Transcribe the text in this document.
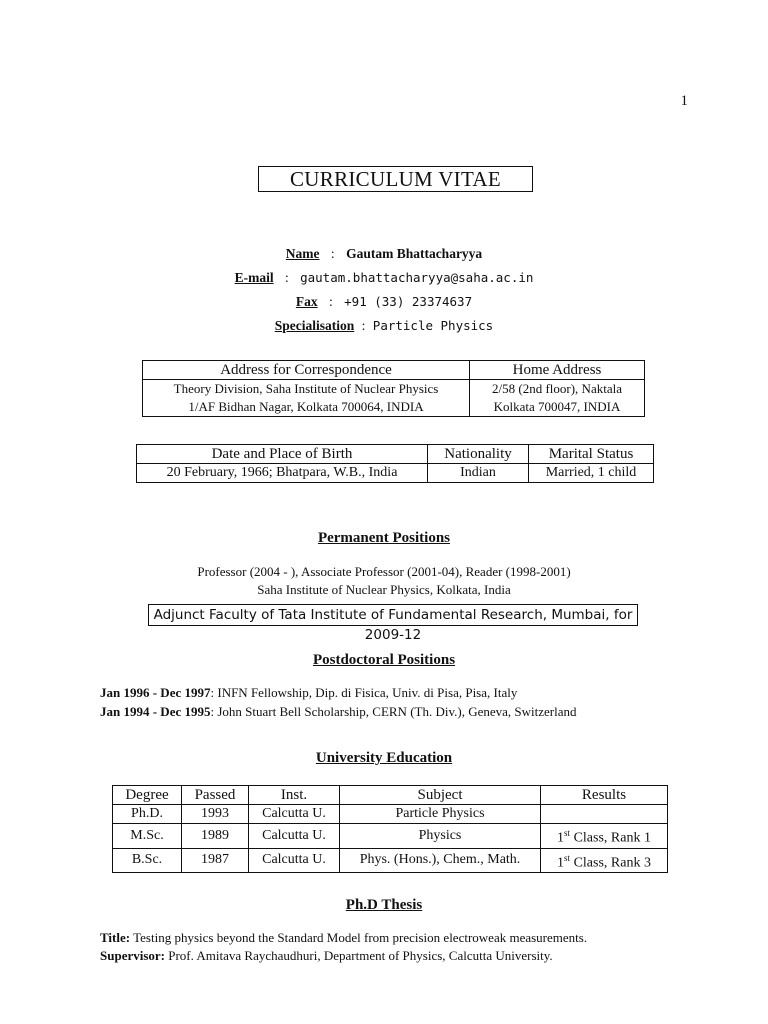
1
CURRICULUM VITAE
Name : Gautam Bhattacharyya
E-mail : gautam.bhattacharyya@saha.ac.in
Fax : +91 (33) 23374637
Specialisation : Particle Physics
Address for Correspondence	Home Address
Theory Division, Saha Institute of Nuclear Physics	2/58 (2nd floor), Naktala
1/AF Bidhan Nagar, Kolkata 700064, INDIA	Kolkata 700047, INDIA
Date and Place of Birth	Nationality	Marital Status
20 February, 1966; Bhatpara, W.B., India	Indian	Married, 1 child
Permanent Positions
Professor (2004 - ), Associate Professor (2001-04), Reader (1998-2001)
Saha Institute of Nuclear Physics, Kolkata, India
Adjunct Faculty of Tata Institute of Fundamental Research, Mumbai, for 2009-12
Postdoctoral Positions
Jan 1996 - Dec 1997: INFN Fellowship, Dip. di Fisica, Univ. di Pisa, Pisa, Italy
Jan 1994 - Dec 1995: John Stuart Bell Scholarship, CERN (Th. Div.), Geneva, Switzerland
University Education
Degree	Passed	Inst.	Subject	Results
Ph.D.	1993	Calcutta U.	Particle Physics	
M.Sc.	1989	Calcutta U.	Physics	1st Class, Rank 1
B.Sc.	1987	Calcutta U.	Phys. (Hons.), Chem., Math.	1st Class, Rank 3
Ph.D Thesis
Title: Testing physics beyond the Standard Model from precision electroweak measurements.
Supervisor: Prof. Amitava Raychaudhuri, Department of Physics, Calcutta University.
